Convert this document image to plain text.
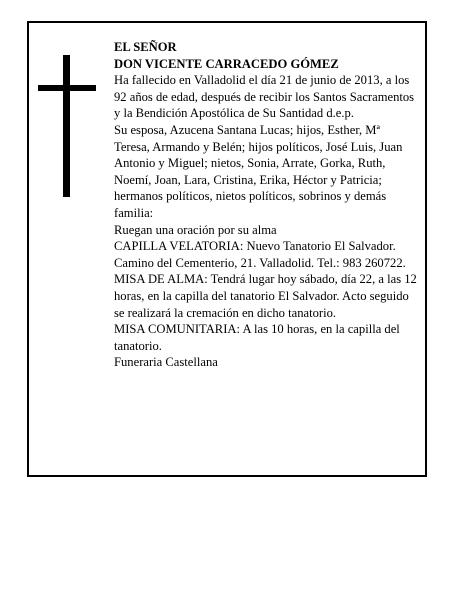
EL SEÑOR

DON VICENTE CARRACEDO GÓMEZ

Ha fallecido en Valladolid el día 21 de junio de 2013, a los 92 años de edad, después de recibir los Santos Sacramentos y la Bendición Apostólica de Su Santidad d.e.p.

Su esposa, Azucena Santana Lucas; hijos, Esther, Mª Teresa, Armando y Belén; hijos políticos, José Luis, Juan Antonio y Miguel; nietos, Sonia, Arrate, Gorka, Ruth, Noemí, Joan, Lara, Cristina, Erika, Héctor y Patricia; hermanos políticos, nietos políticos, sobrinos y demás familia:

Ruegan una oración por su alma

CAPILLA VELATORIA: Nuevo Tanatorio El Salvador. Camino del Cementerio, 21. Valladolid. Tel.: 983 260722.

MISA DE ALMA: Tendrá lugar hoy sábado, día 22, a las 12 horas, en la capilla del tanatorio El Salvador. Acto seguido se realizará la cremación en dicho tanatorio.

MISA COMUNITARIA: A las 10 horas, en la capilla del tanatorio.

Funeraria Castellana
